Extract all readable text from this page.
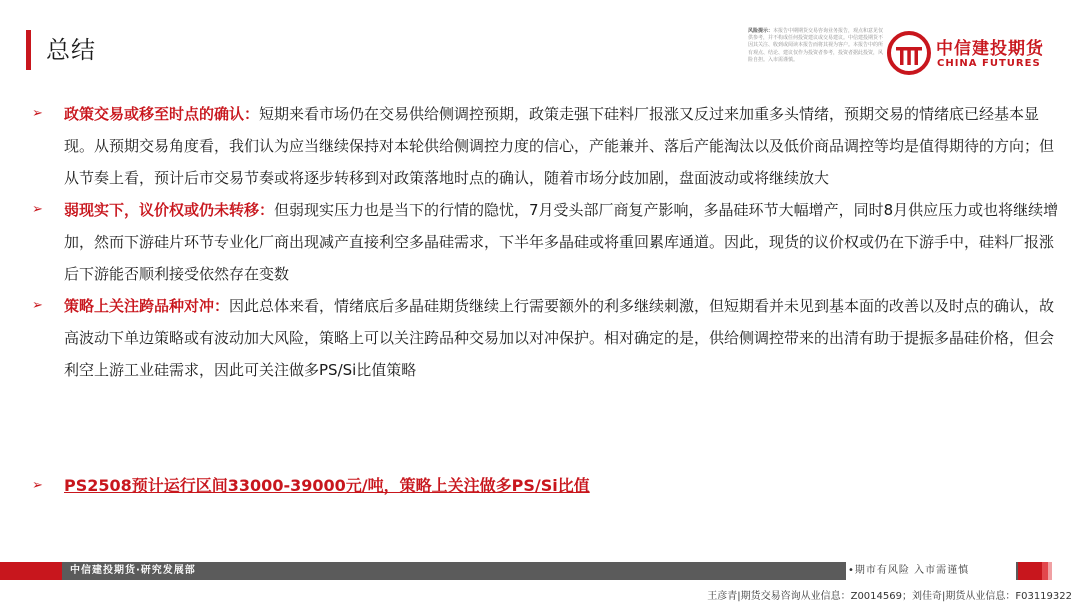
总结
风险提示：本报告中期期货交易咨询业务报告，观点和意见仅供参考，并不构成任何投资建议或交易建议。中信建投期货不因其关注、收到或阅读本报告而将其视为客户。本报告中的所有观点、结论、建议仅作为投资者参考，投资者据此投资，风险自担。入市需谨慎。
中信建投期货
CHINA FUTURES

➢ 政策交易或移至时点的确认：短期来看市场仍在交易供给侧调控预期，政策走强下硅料厂报涨又反过来加重多头情绪，预期交易的情绪底已经基本显现。从预期交易角度看，我们认为应当继续保持对本轮供给侧调控力度的信心，产能兼并、落后产能淘汰以及低价商品调控等均是值得期待的方向；但从节奏上看，预计后市交易节奏或将逐步转移到对政策落地时点的确认，随着市场分歧加剧，盘面波动或将继续放大

➢ 弱现实下，议价权或仍未转移：但弱现实压力也是当下的行情的隐忧，7月受头部厂商复产影响，多晶硅环节大幅增产，同时8月供应压力或也将继续增加，然而下游硅片环节专业化厂商出现减产直接利空多晶硅需求，下半年多晶硅或将重回累库通道。因此，现货的议价权或仍在下游手中，硅料厂报涨后下游能否顺利接受依然存在变数

➢ 策略上关注跨品种对冲：因此总体来看，情绪底后多晶硅期货继续上行需要额外的利多继续刺激，但短期看并未见到基本面的改善以及时点的确认，故高波动下单边策略或有波动加大风险，策略上可以关注跨品种交易加以对冲保护。相对确定的是，供给侧调控带来的出清有助于提振多晶硅价格，但会利空上游工业硅需求，因此可关注做多PS/Si比值策略

➢ PS2508预计运行区间33000-39000元/吨，策略上关注做多PS/Si比值

中信建投期货·研究发展部	•期市有风险 入市需谨慎
王彦青|期货交易咨询从业信息：Z0014569；刘佳奇|期货从业信息：F03119322
